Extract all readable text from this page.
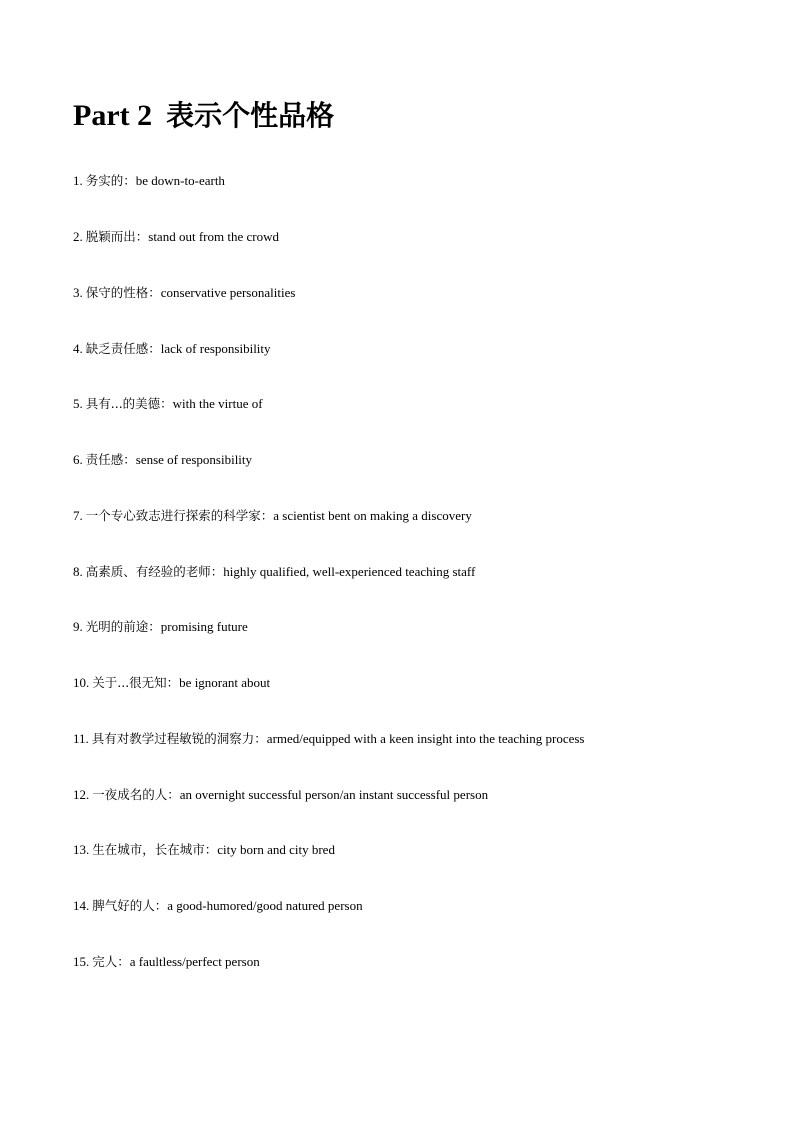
Part 2 表示个性品格
1. 务实的：be down-to-earth
2. 脱颖而出：stand out from the crowd
3. 保守的性格：conservative personalities
4. 缺乏责任感：lack of responsibility
5. 具有...的美德：with the virtue of
6. 责任感：sense of responsibility
7. 一个专心致志进行探索的科学家：a scientist bent on making a discovery
8. 高素质、有经验的老师：highly qualified, well-experienced teaching staff
9. 光明的前途：promising future
10. 关于...很无知：be ignorant about
11. 具有对教学过程敏锐的洞察力：armed/equipped with a keen insight into the teaching process
12. 一夜成名的人：an overnight successful person/an instant successful person
13. 生在城市，长在城市：city born and city bred
14. 脾气好的人：a good-humored/good natured person
15. 完人：a faultless/perfect person
